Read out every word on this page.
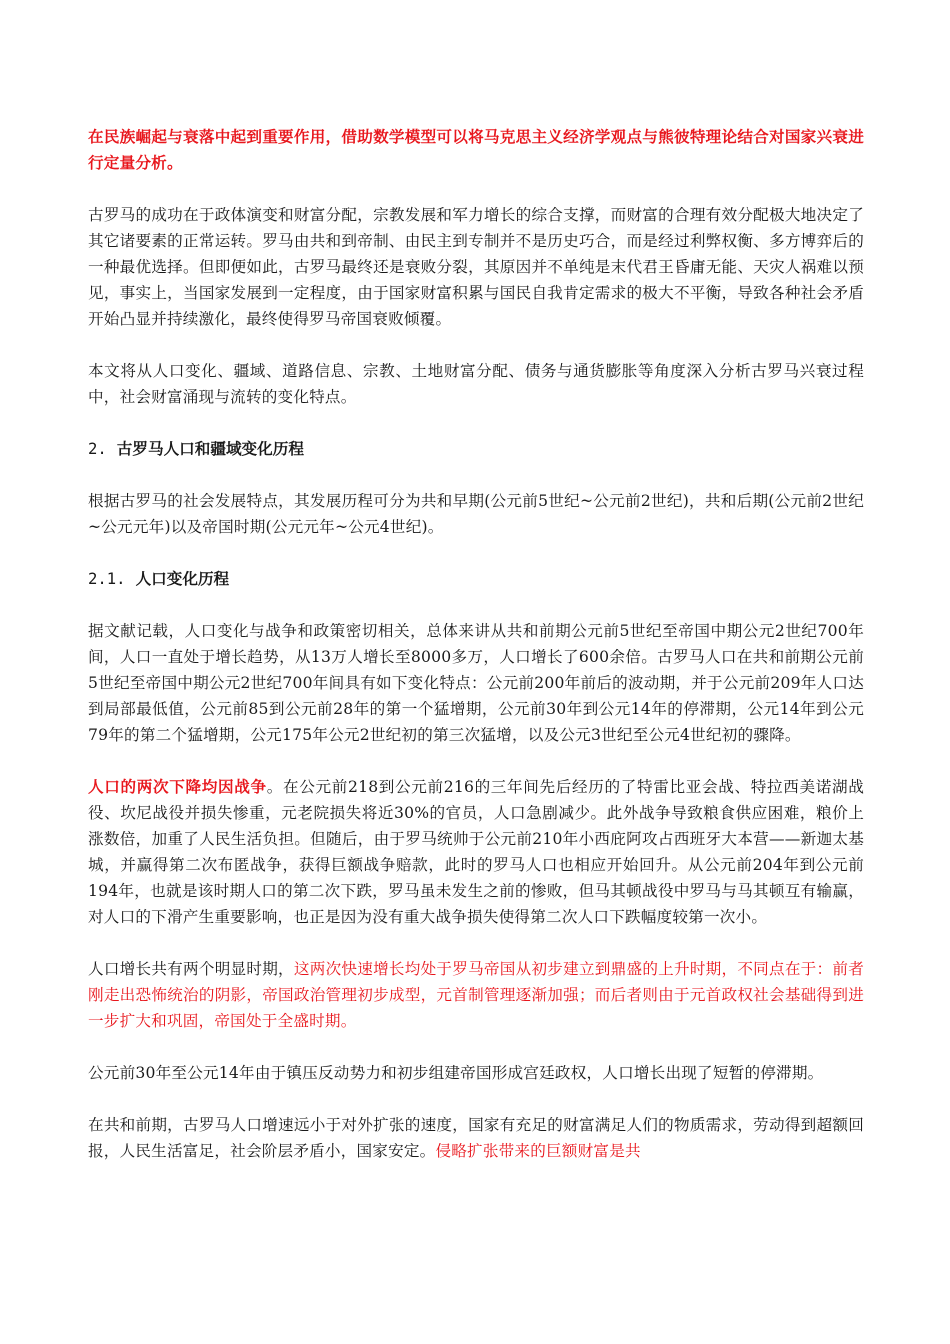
在民族崛起与衰落中起到重要作用，借助数学模型可以将马克思主义经济学观点与熊彼特理论结合对国家兴衰进行定量分析。

古罗马的成功在于政体演变和财富分配，宗教发展和军力增长的综合支撑，而财富的合理有效分配极大地决定了其它诸要素的正常运转。罗马由共和到帝制、由民主到专制并不是历史巧合，而是经过利弊权衡、多方博弈后的一种最优选择。但即便如此，古罗马最终还是衰败分裂，其原因并不单纯是末代君王昏庸无能、天灾人祸难以预见，事实上，当国家发展到一定程度，由于国家财富积累与国民自我肯定需求的极大不平衡，导致各种社会矛盾开始凸显并持续激化，最终使得罗马帝国衰败倾覆。

本文将从人口变化、疆域、道路信息、宗教、土地财富分配、债务与通货膨胀等角度深入分析古罗马兴衰过程中，社会财富涌现与流转的变化特点。

2. 古罗马人口和疆域变化历程

根据古罗马的社会发展特点，其发展历程可分为共和早期(公元前5世纪~公元前2世纪)，共和后期(公元前2世纪~公元元年)以及帝国时期(公元元年~公元4世纪)。

2.1. 人口变化历程

据文献记载，人口变化与战争和政策密切相关，总体来讲从共和前期公元前5世纪至帝国中期公元2世纪700年间，人口一直处于增长趋势，从13万人增长至8000多万，人口增长了600余倍。古罗马人口在共和前期公元前5世纪至帝国中期公元2世纪700年间具有如下变化特点：公元前200年前后的波动期，并于公元前209年人口达到局部最低值，公元前85到公元前28年的第一个猛增期，公元前30年到公元14年的停滞期，公元14年到公元79年的第二个猛增期，公元175年公元2世纪初的第三次猛增，以及公元3世纪至公元4世纪初的骤降。

人口的两次下降均因战争。在公元前218到公元前216的三年间先后经历的了特雷比亚会战、特拉西美诺湖战役、坎尼战役并损失惨重，元老院损失将近30%的官员，人口急剧减少。此外战争导致粮食供应困难，粮价上涨数倍，加重了人民生活负担。但随后，由于罗马统帅于公元前210年小西庇阿攻占西班牙大本营——新迦太基城，并赢得第二次布匿战争，获得巨额战争赔款，此时的罗马人口也相应开始回升。从公元前204年到公元前194年，也就是该时期人口的第二次下跌，罗马虽未发生之前的惨败，但马其顿战役中罗马与马其顿互有输赢，对人口的下滑产生重要影响，也正是因为没有重大战争损失使得第二次人口下跌幅度较第一次小。

人口增长共有两个明显时期，这两次快速增长均处于罗马帝国从初步建立到鼎盛的上升时期，不同点在于：前者刚走出恐怖统治的阴影，帝国政治管理初步成型，元首制管理逐渐加强；而后者则由于元首政权社会基础得到进一步扩大和巩固，帝国处于全盛时期。

公元前30年至公元14年由于镇压反动势力和初步组建帝国形成宫廷政权，人口增长出现了短暂的停滞期。

在共和前期，古罗马人口增速远小于对外扩张的速度，国家有充足的财富满足人们的物质需求，劳动得到超额回报，人民生活富足，社会阶层矛盾小，国家安定。侵略扩张带来的巨额财富是共
